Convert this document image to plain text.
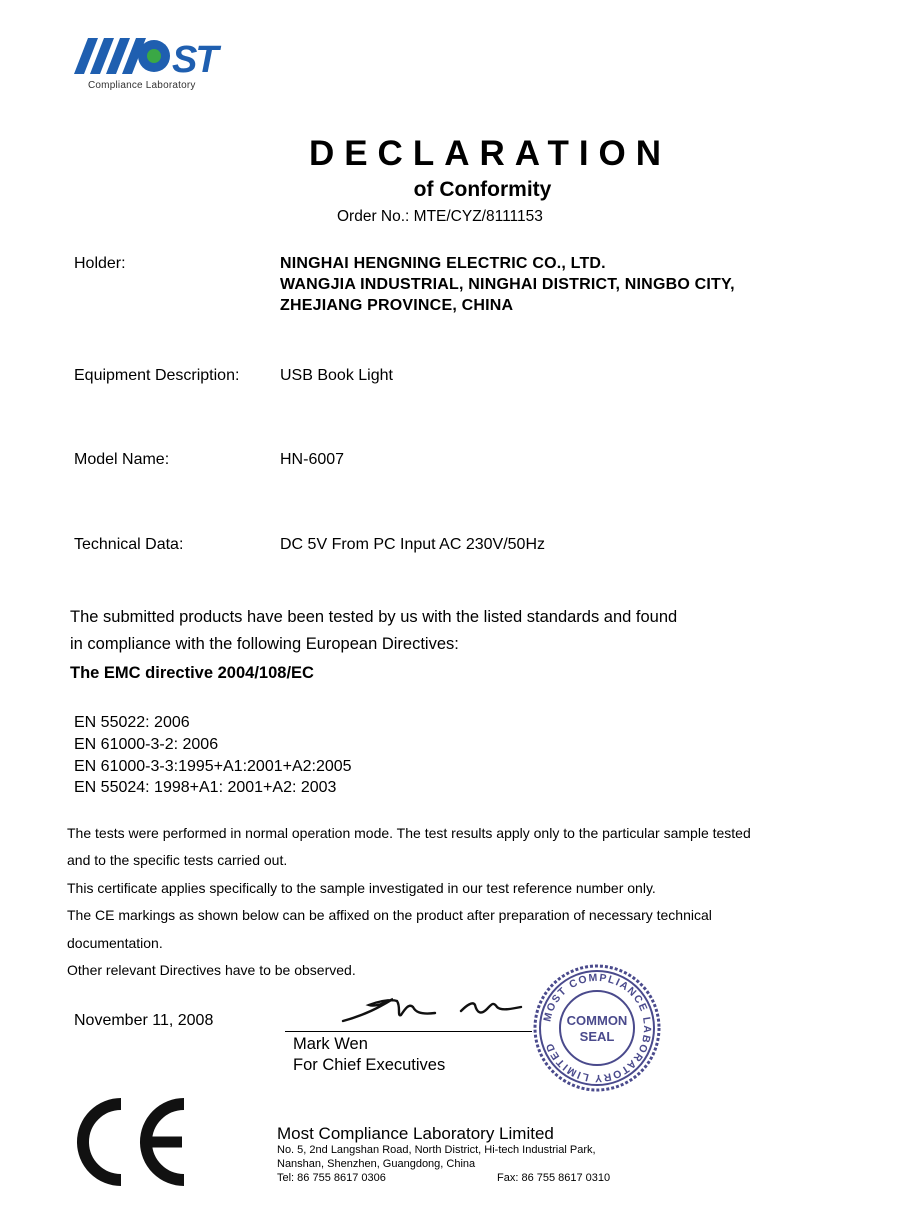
ST
Compliance Laboratory
DECLARATION
of Conformity
Order No.: MTE/CYZ/8111153
Holder:	NINGHAI HENGNING ELECTRIC CO., LTD.
WANGJIA INDUSTRIAL, NINGHAI DISTRICT, NINGBO CITY,
ZHEJIANG PROVINCE, CHINA
Equipment Description:	USB Book Light
Model Name:	HN-6007
Technical Data:	DC 5V From PC Input AC 230V/50Hz
The submitted products have been tested by us with the listed standards and found
in compliance with the following European Directives:
The EMC directive 2004/108/EC
EN 55022: 2006
EN 61000-3-2: 2006
EN 61000-3-3:1995+A1:2001+A2:2005
EN 55024: 1998+A1: 2001+A2: 2003
The tests were performed in normal operation mode. The test results apply only to the particular sample tested
and to the specific tests carried out.
This certificate applies specifically to the sample investigated in our test reference number only.
The CE markings as shown below can be affixed on the product after preparation of necessary technical
documentation.
Other relevant Directives have to be observed.
November 11, 2008
Mark Wen
For Chief Executives
MOST COMPLIANCE LABORATORY LIMITED
COMMON
SEAL
Most Compliance Laboratory Limited
No. 5, 2nd Langshan Road, North District, Hi-tech Industrial Park,
Nanshan, Shenzhen, Guangdong, China
Tel: 86 755 8617 0306	Fax: 86 755 8617 0310
